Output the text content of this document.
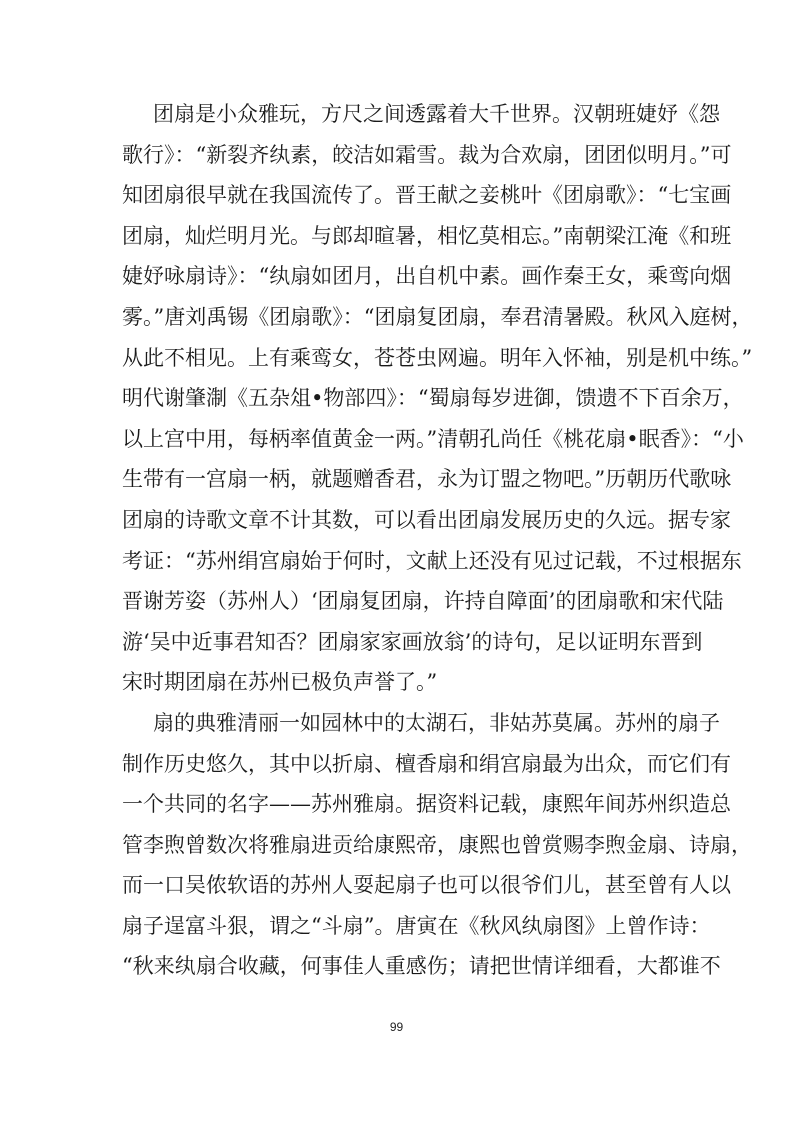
团扇是小众雅玩，方尺之间透露着大千世界。汉朝班婕妤《怨
歌行》：“新裂齐纨素，皎洁如霜雪。裁为合欢扇，团团似明月。”可
知团扇很早就在我国流传了。晋王献之妾桃叶《团扇歌》：“七宝画
团扇，灿烂明月光。与郎却暄暑，相忆莫相忘。”南朝梁江淹《和班
婕妤咏扇诗》：“纨扇如团月，出自机中素。画作秦王女，乘鸾向烟
雾。”唐刘禹锡《团扇歌》：“团扇复团扇，奉君清暑殿。秋风入庭树，
从此不相见。上有乘鸾女，苍苍虫网遍。明年入怀袖，别是机中练。”
明代谢肇淛《五杂俎•物部四》：“蜀扇每岁进御，馈遗不下百余万，
以上宫中用，每柄率值黄金一两。”清朝孔尚任《桃花扇•眠香》：“小
生带有一宫扇一柄，就题赠香君，永为订盟之物吧。”历朝历代歌咏
团扇的诗歌文章不计其数，可以看出团扇发展历史的久远。据专家
考证：“苏州绢宫扇始于何时，文献上还没有见过记载，不过根据东
晋谢芳姿（苏州人）‘团扇复团扇，许持自障面’的团扇歌和宋代陆
游‘吴中近事君知否？团扇家家画放翁’的诗句，足以证明东晋到
宋时期团扇在苏州已极负声誉了。”
扇的典雅清丽一如园林中的太湖石，非姑苏莫属。苏州的扇子
制作历史悠久，其中以折扇、檀香扇和绢宫扇最为出众，而它们有
一个共同的名字——苏州雅扇。据资料记载，康熙年间苏州织造总
管李煦曾数次将雅扇进贡给康熙帝，康熙也曾赏赐李煦金扇、诗扇，
而一口吴侬软语的苏州人耍起扇子也可以很爷们儿，甚至曾有人以
扇子逞富斗狠，谓之“斗扇”。唐寅在《秋风纨扇图》上曾作诗：
“秋来纨扇合收藏，何事佳人重感伤；请把世情详细看，大都谁不
99
